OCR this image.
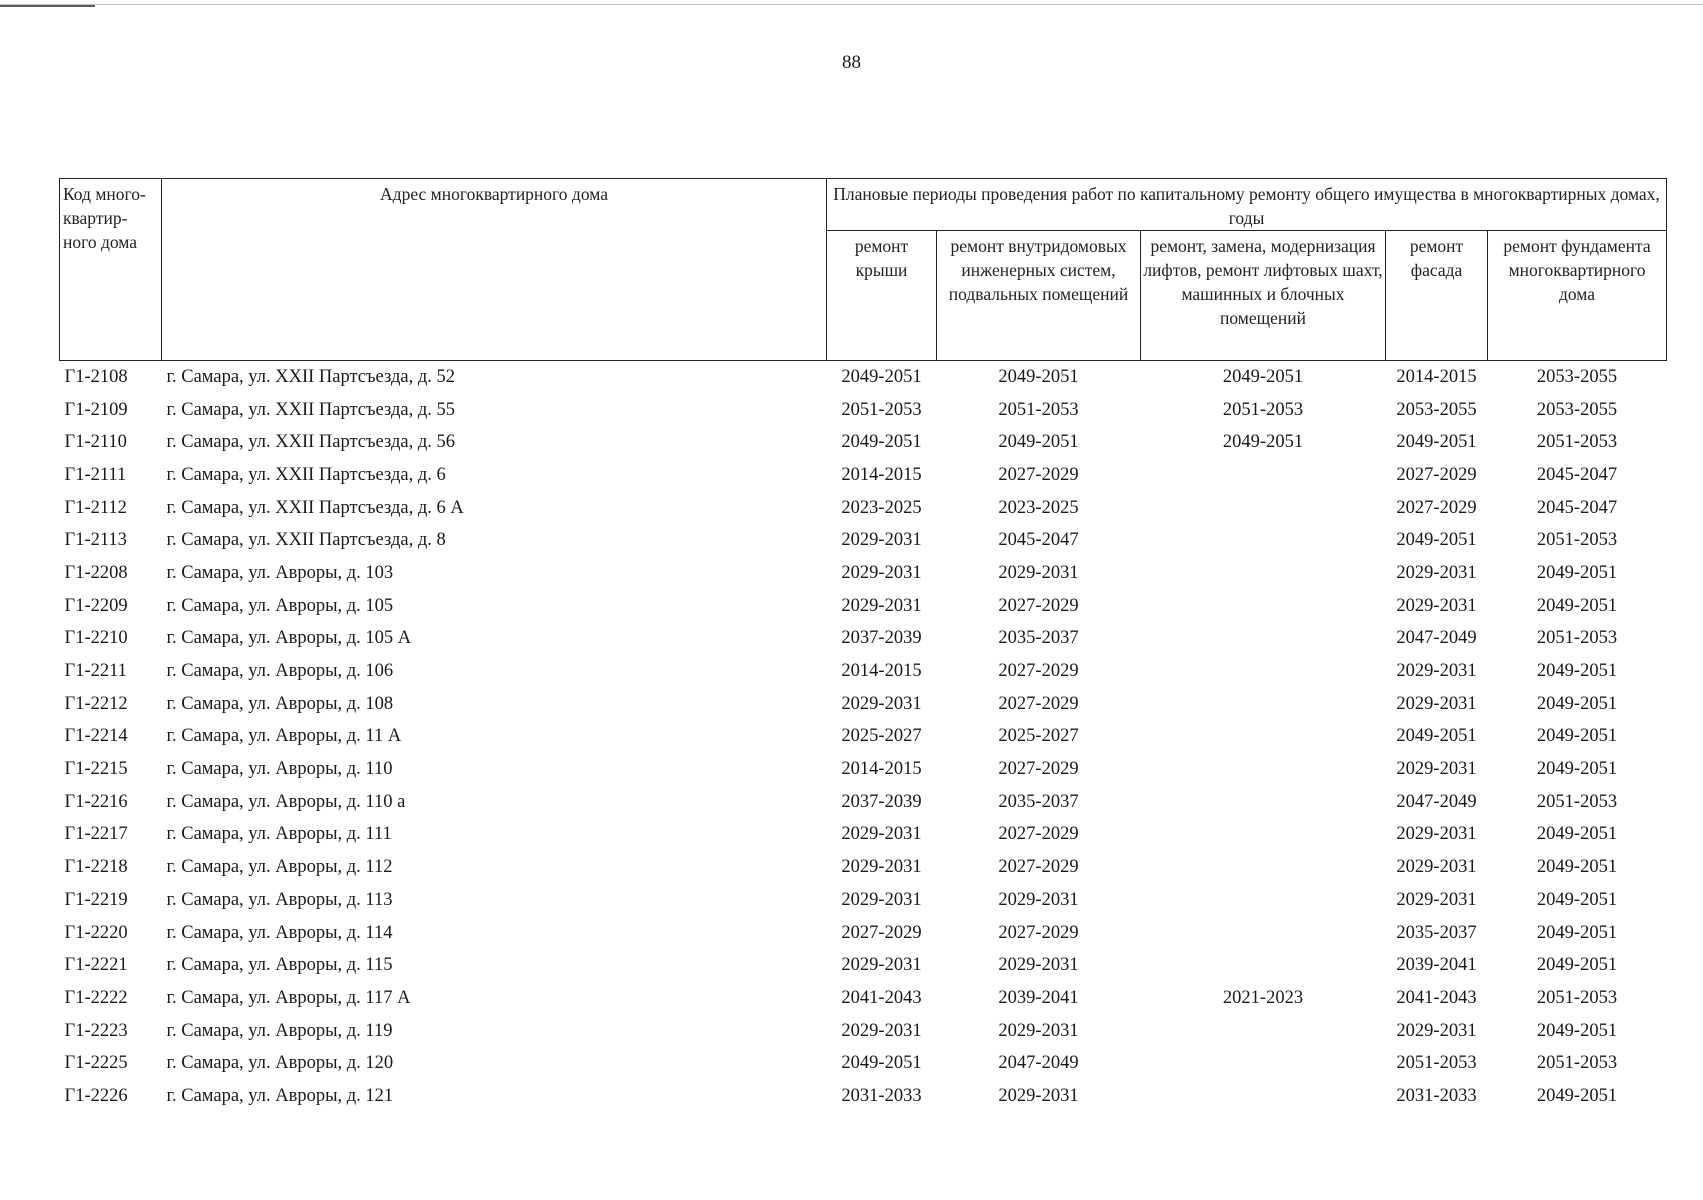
88
Код много-квартир-ного дома	Адрес многоквартирного дома	Плановые периоды проведения работ по капитальному ремонту общего имущества в многоквартирных домах, годы				
		ремонт крыши	ремонт внутридомовых инженерных систем, подвальных помещений	ремонт, замена, модернизация лифтов, ремонт лифтовых шахт, машинных и блочных помещений	ремонт фасада	ремонт фундамента многоквартирного дома
Г1-2108	г. Самара, ул. XXII Партсъезда, д. 52	2049-2051	2049-2051	2049-2051	2014-2015	2053-2055
Г1-2109	г. Самара, ул. XXII Партсъезда, д. 55	2051-2053	2051-2053	2051-2053	2053-2055	2053-2055
Г1-2110	г. Самара, ул. XXII Партсъезда, д. 56	2049-2051	2049-2051	2049-2051	2049-2051	2051-2053
Г1-2111	г. Самара, ул. XXII Партсъезда, д. 6	2014-2015	2027-2029		2027-2029	2045-2047
Г1-2112	г. Самара, ул. XXII Партсъезда, д. 6 А	2023-2025	2023-2025		2027-2029	2045-2047
Г1-2113	г. Самара, ул. XXII Партсъезда, д. 8	2029-2031	2045-2047		2049-2051	2051-2053
Г1-2208	г. Самара, ул. Авроры, д. 103	2029-2031	2029-2031		2029-2031	2049-2051
Г1-2209	г. Самара, ул. Авроры, д. 105	2029-2031	2027-2029		2029-2031	2049-2051
Г1-2210	г. Самара, ул. Авроры, д. 105 А	2037-2039	2035-2037		2047-2049	2051-2053
Г1-2211	г. Самара, ул. Авроры, д. 106	2014-2015	2027-2029		2029-2031	2049-2051
Г1-2212	г. Самара, ул. Авроры, д. 108	2029-2031	2027-2029		2029-2031	2049-2051
Г1-2214	г. Самара, ул. Авроры, д. 11 А	2025-2027	2025-2027		2049-2051	2049-2051
Г1-2215	г. Самара, ул. Авроры, д. 110	2014-2015	2027-2029		2029-2031	2049-2051
Г1-2216	г. Самара, ул. Авроры, д. 110 а	2037-2039	2035-2037		2047-2049	2051-2053
Г1-2217	г. Самара, ул. Авроры, д. 111	2029-2031	2027-2029		2029-2031	2049-2051
Г1-2218	г. Самара, ул. Авроры, д. 112	2029-2031	2027-2029		2029-2031	2049-2051
Г1-2219	г. Самара, ул. Авроры, д. 113	2029-2031	2029-2031		2029-2031	2049-2051
Г1-2220	г. Самара, ул. Авроры, д. 114	2027-2029	2027-2029		2035-2037	2049-2051
Г1-2221	г. Самара, ул. Авроры, д. 115	2029-2031	2029-2031		2039-2041	2049-2051
Г1-2222	г. Самара, ул. Авроры, д. 117 А	2041-2043	2039-2041	2021-2023	2041-2043	2051-2053
Г1-2223	г. Самара, ул. Авроры, д. 119	2029-2031	2029-2031		2029-2031	2049-2051
Г1-2225	г. Самара, ул. Авроры, д. 120	2049-2051	2047-2049		2051-2053	2051-2053
Г1-2226	г. Самара, ул. Авроры, д. 121	2031-2033	2029-2031		2031-2033	2049-2051
